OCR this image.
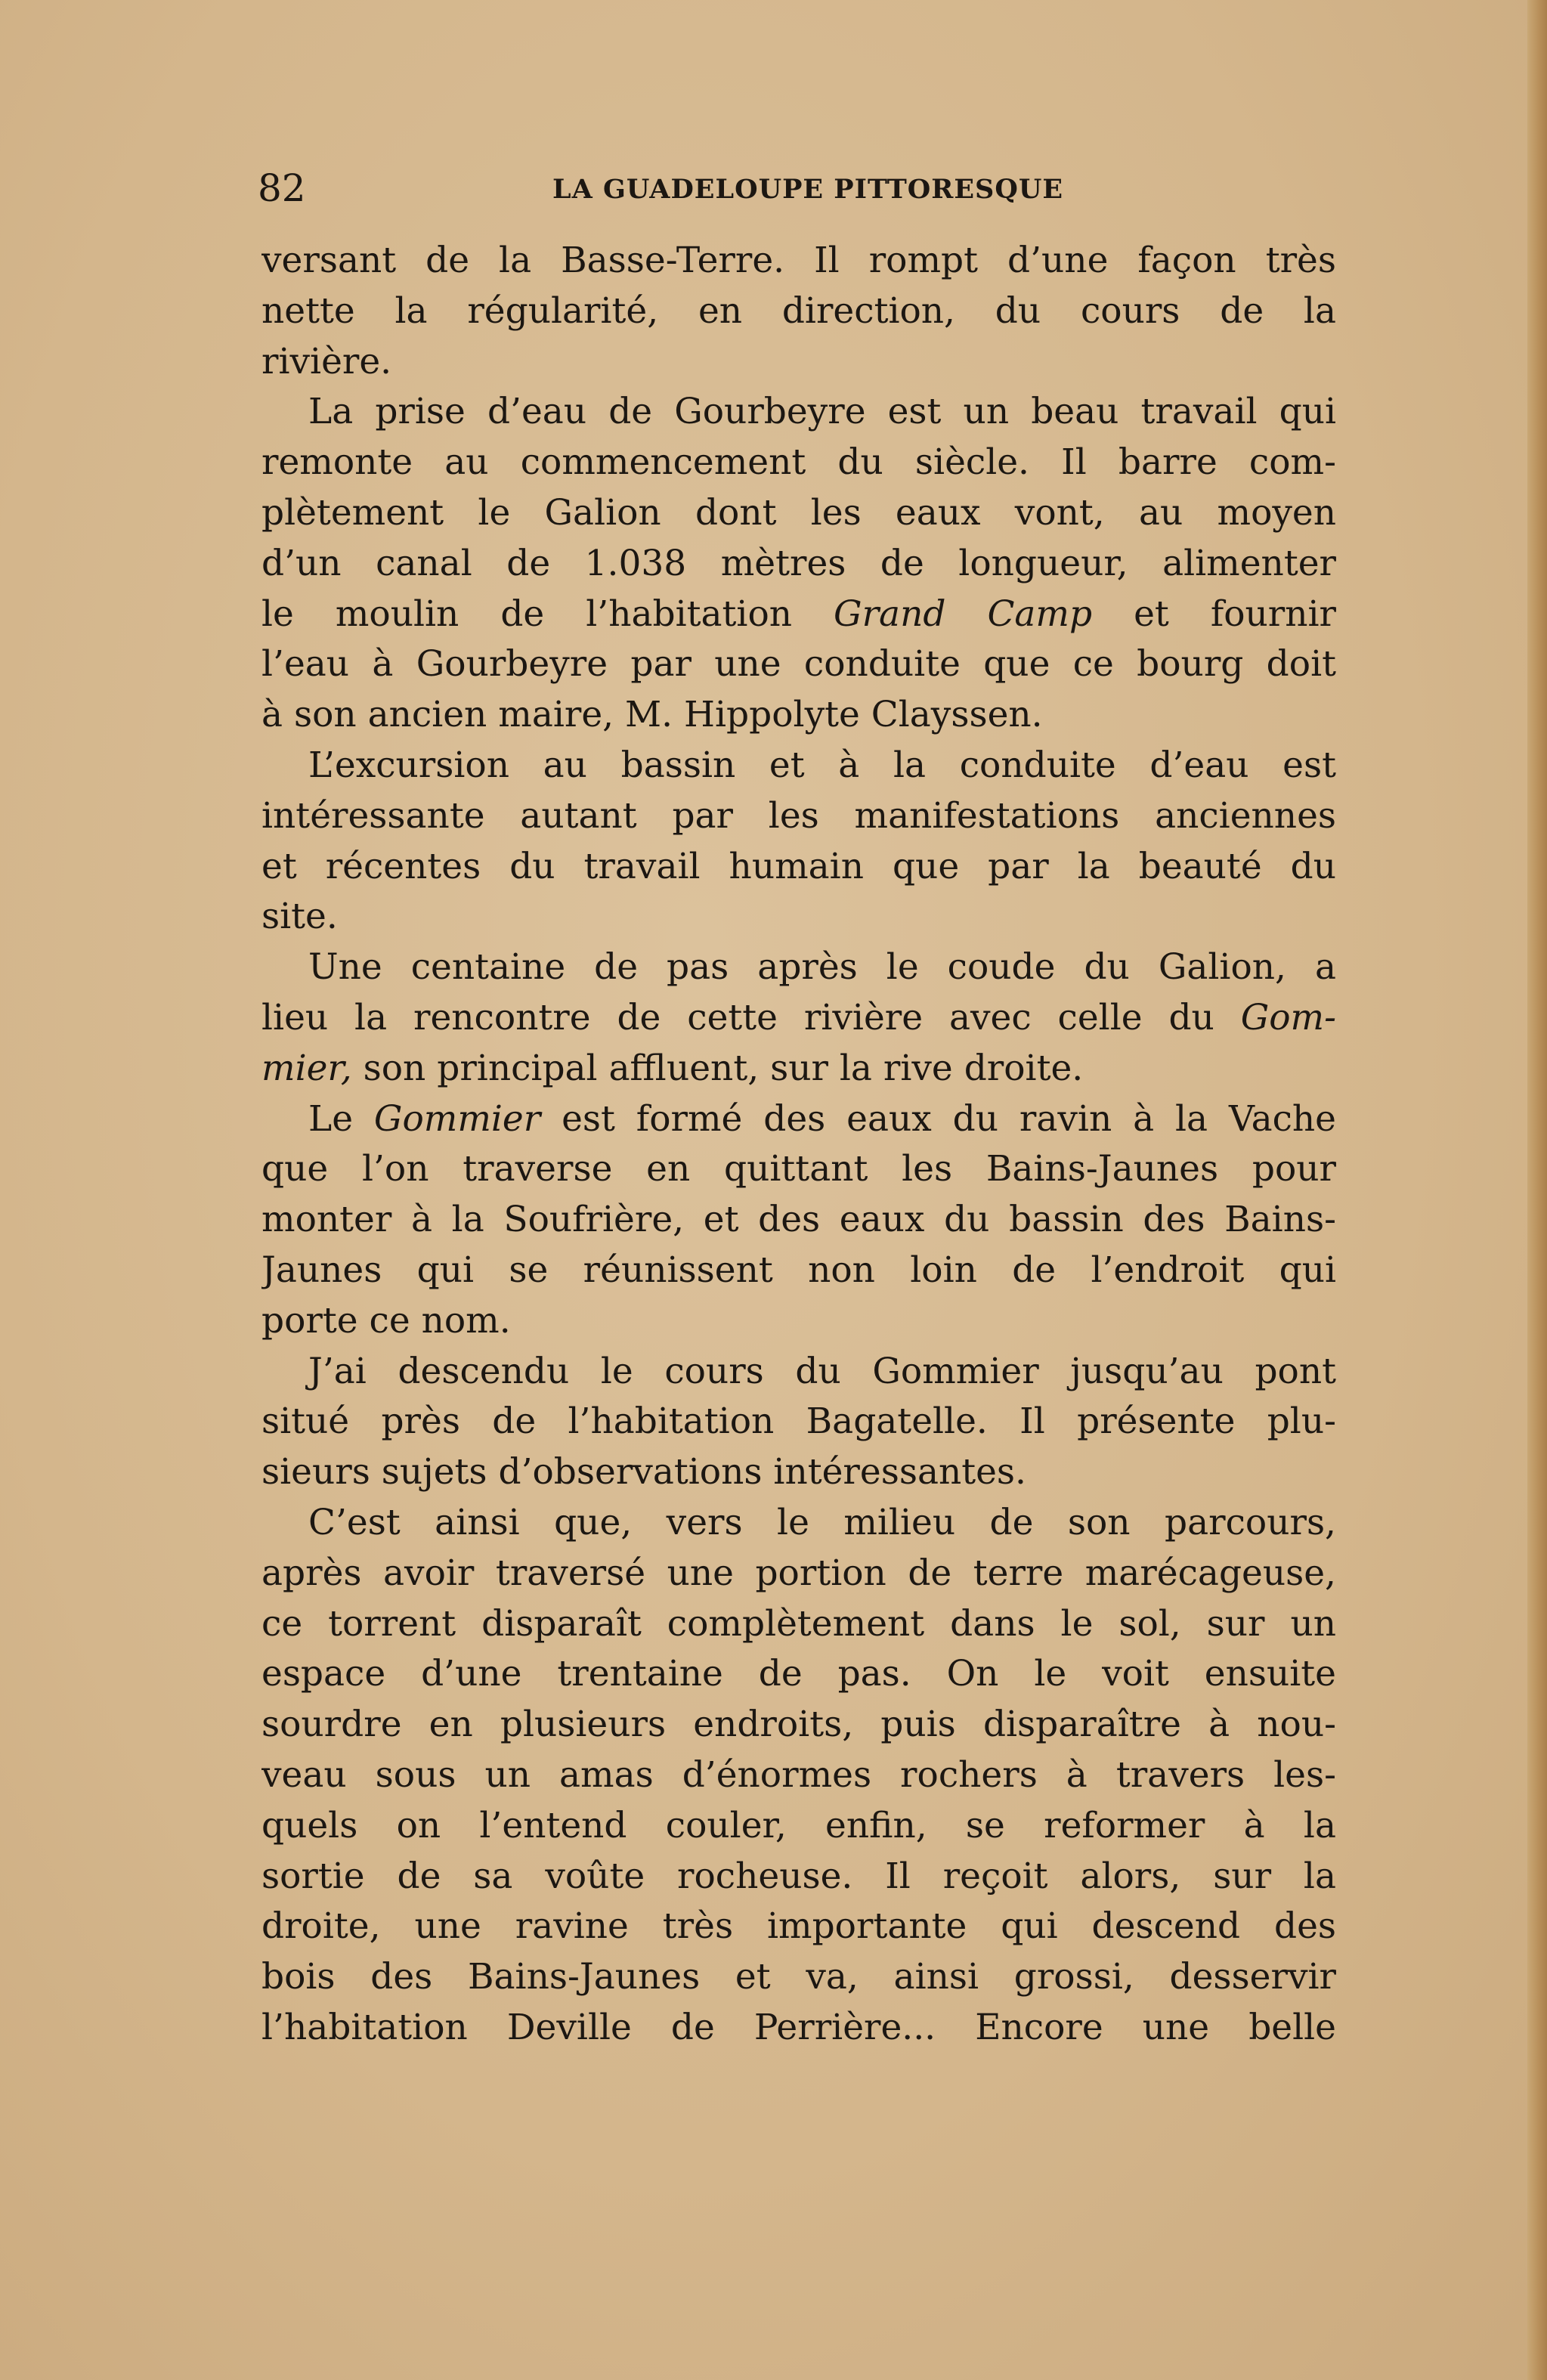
82	LA GUADELOUPE PITTORESQUE
versant de la Basse-Terre. Il rompt d’une façon très
nette la régularité, en direction, du cours de la
rivière.
La prise d’eau de Gourbeyre est un beau travail qui
remonte au commencement du siècle. Il barre com-
plètement le Galion dont les eaux vont, au moyen
d’un canal de 1.038 mètres de longueur, alimenter
le moulin de l’habitation Grand Camp et fournir
l’eau à Gourbeyre par une conduite que ce bourg doit
à son ancien maire, M. Hippolyte Clayssen.
L’excursion au bassin et à la conduite d’eau est
intéressante autant par les manifestations anciennes
et récentes du travail humain que par la beauté du
site.
Une centaine de pas après le coude du Galion, a
lieu la rencontre de cette rivière avec celle du Gom-
mier, son principal affluent, sur la rive droite.
Le Gommier est formé des eaux du ravin à la Vache
que l’on traverse en quittant les Bains-Jaunes pour
monter à la Soufrière, et des eaux du bassin des Bains-
Jaunes qui se réunissent non loin de l’endroit qui
porte ce nom.
J’ai descendu le cours du Gommier jusqu’au pont
situé près de l’habitation Bagatelle. Il présente plu-
sieurs sujets d’observations intéressantes.
C’est ainsi que, vers le milieu de son parcours,
après avoir traversé une portion de terre marécageuse,
ce torrent disparaît complètement dans le sol, sur un
espace d’une trentaine de pas. On le voit ensuite
sourdre en plusieurs endroits, puis disparaître à nou-
veau sous un amas d’énormes rochers à travers les-
quels on l’entend couler, enfin, se reformer à la
sortie de sa voûte rocheuse. Il reçoit alors, sur la
droite, une ravine très importante qui descend des
bois des Bains-Jaunes et va, ainsi grossi, desservir
l’habitation Deville de Perrière... Encore une belle
